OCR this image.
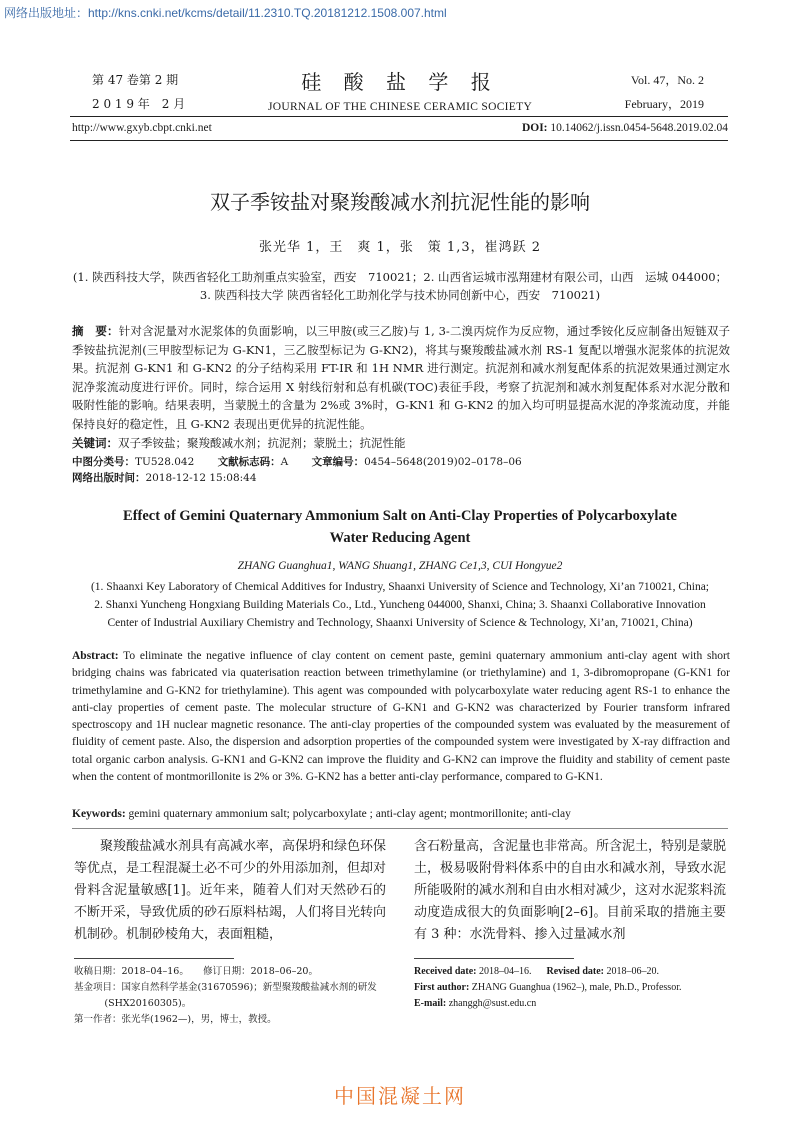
网络出版地址：http://kns.cnki.net/kcms/detail/11.2310.TQ.20181212.1508.007.html
第 47 卷第 2 期
2 0 1 9 年　2 月
硅 酸 盐 学 报
JOURNAL OF THE CHINESE CERAMIC SOCIETY
Vol. 47，No. 2
February，2019
http://www.gxyb.cbpt.cnki.net	DOI: 10.14062/j.issn.0454-5648.2019.02.04
双子季铵盐对聚羧酸减水剂抗泥性能的影响
张光华 1，王　爽 1，张　策 1,3，崔鸿跃 2
(1. 陕西科技大学，陕西省轻化工助剂重点实验室，西安　710021；2. 山西省运城市泓翔建材有限公司，山西　运城 044000；
3. 陕西科技大学 陕西省轻化工助剂化学与技术协同创新中心，西安　710021)
摘　要：针对含泥量对水泥浆体的负面影响，以三甲胺(或三乙胺)与 1, 3-二溴丙烷作为反应物，通过季铵化反应制备出短链双子季铵盐抗泥剂(三甲胺型标记为 G-KN1，三乙胺型标记为 G-KN2)，将其与聚羧酸盐减水剂 RS-1 复配以增强水泥浆体的抗泥效果。抗泥剂 G-KN1 和 G-KN2 的分子结构采用 FT-IR 和 1H NMR 进行测定。抗泥剂和减水剂复配体系的抗泥效果通过测定水泥净浆流动度进行评价。同时，综合运用 X 射线衍射和总有机碳(TOC)表征手段，考察了抗泥剂和减水剂复配体系对水泥分散和吸附性能的影响。结果表明，当蒙脱土的含量为 2%或 3%时，G-KN1 和 G-KN2 的加入均可明显提高水泥的净浆流动度，并能保持良好的稳定性，且 G-KN2 表现出更优异的抗泥性能。
关键词：双子季铵盐；聚羧酸减水剂；抗泥剂；蒙脱土；抗泥性能
中图分类号：TU528.042 文献标志码：A 文章编号：0454–5648(2019)02–0178–06
网络出版时间：2018-12-12 15:08:44
Effect of Gemini Quaternary Ammonium Salt on Anti-Clay Properties of Polycarboxylate
Water Reducing Agent
ZHANG Guanghua1, WANG Shuang1, ZHANG Ce1,3, CUI Hongyue2
(1. Shaanxi Key Laboratory of Chemical Additives for Industry, Shaanxi University of Science and Technology, Xi’an 710021, China;
2. Shanxi Yuncheng Hongxiang Building Materials Co., Ltd., Yuncheng 044000, Shanxi, China; 3. Shaanxi Collaborative Innovation
Center of Industrial Auxiliary Chemistry and Technology, Shaanxi University of Science & Technology, Xi’an, 710021, China)
Abstract: To eliminate the negative influence of clay content on cement paste, gemini quaternary ammonium anti-clay agent with short bridging chains was fabricated via quaterisation reaction between trimethylamine (or triethylamine) and 1, 3-dibromopropane (G-KN1 for trimethylamine and G-KN2 for triethylamine). This agent was compounded with polycarboxylate water reducing agent RS-1 to enhance the anti-clay properties of cement paste. The molecular structure of G-KN1 and G-KN2 was characterized by Fourier transform infrared spectroscopy and 1H nuclear magnetic resonance. The anti-clay properties of the compounded system was evaluated by the measurement of fluidity of cement paste. Also, the dispersion and adsorption properties of the compounded system were investigated by X-ray diffraction and total organic carbon analysis. G-KN1 and G-KN2 can improve the fluidity and G-KN2 can improve the fluidity and stability of cement paste when the content of montmorillonite is 2% or 3%. G-KN2 has a better anti-clay performance, compared to G-KN1.
Keywords: gemini quaternary ammonium salt; polycarboxylate ; anti-clay agent; montmorillonite; anti-clay
聚羧酸盐减水剂具有高减水率，高保坍和绿色环保等优点，是工程混凝土必不可少的外用添加剂，但却对骨料含泥量敏感[1]。近年来，随着人们对天然砂石的不断开采，导致优质的砂石原料枯竭，人们将目光转向机制砂。机制砂棱角大，表面粗糙，
含石粉量高，含泥量也非常高。所含泥土，特别是蒙脱土，极易吸附骨料体系中的自由水和减水剂，导致水泥所能吸附的减水剂和自由水相对减少，这对水泥浆料流动度造成很大的负面影响[2–6]。目前采取的措施主要有 3 种：水洗骨料、掺入过量减水剂
收稿日期：2018–04–16。　　修订日期：2018–06–20。
基金项目：国家自然科学基金(31670596)；新型聚羧酸盐减水剂的研发
(SHX20160305)。
第一作者：张光华(1962—)，男，博士，教授。
Received date: 2018–04–16. Revised date: 2018–06–20.
First author: ZHANG Guanghua (1962–), male, Ph.D., Professor.
E-mail: zhanggh@sust.edu.cn
中国混凝土网
